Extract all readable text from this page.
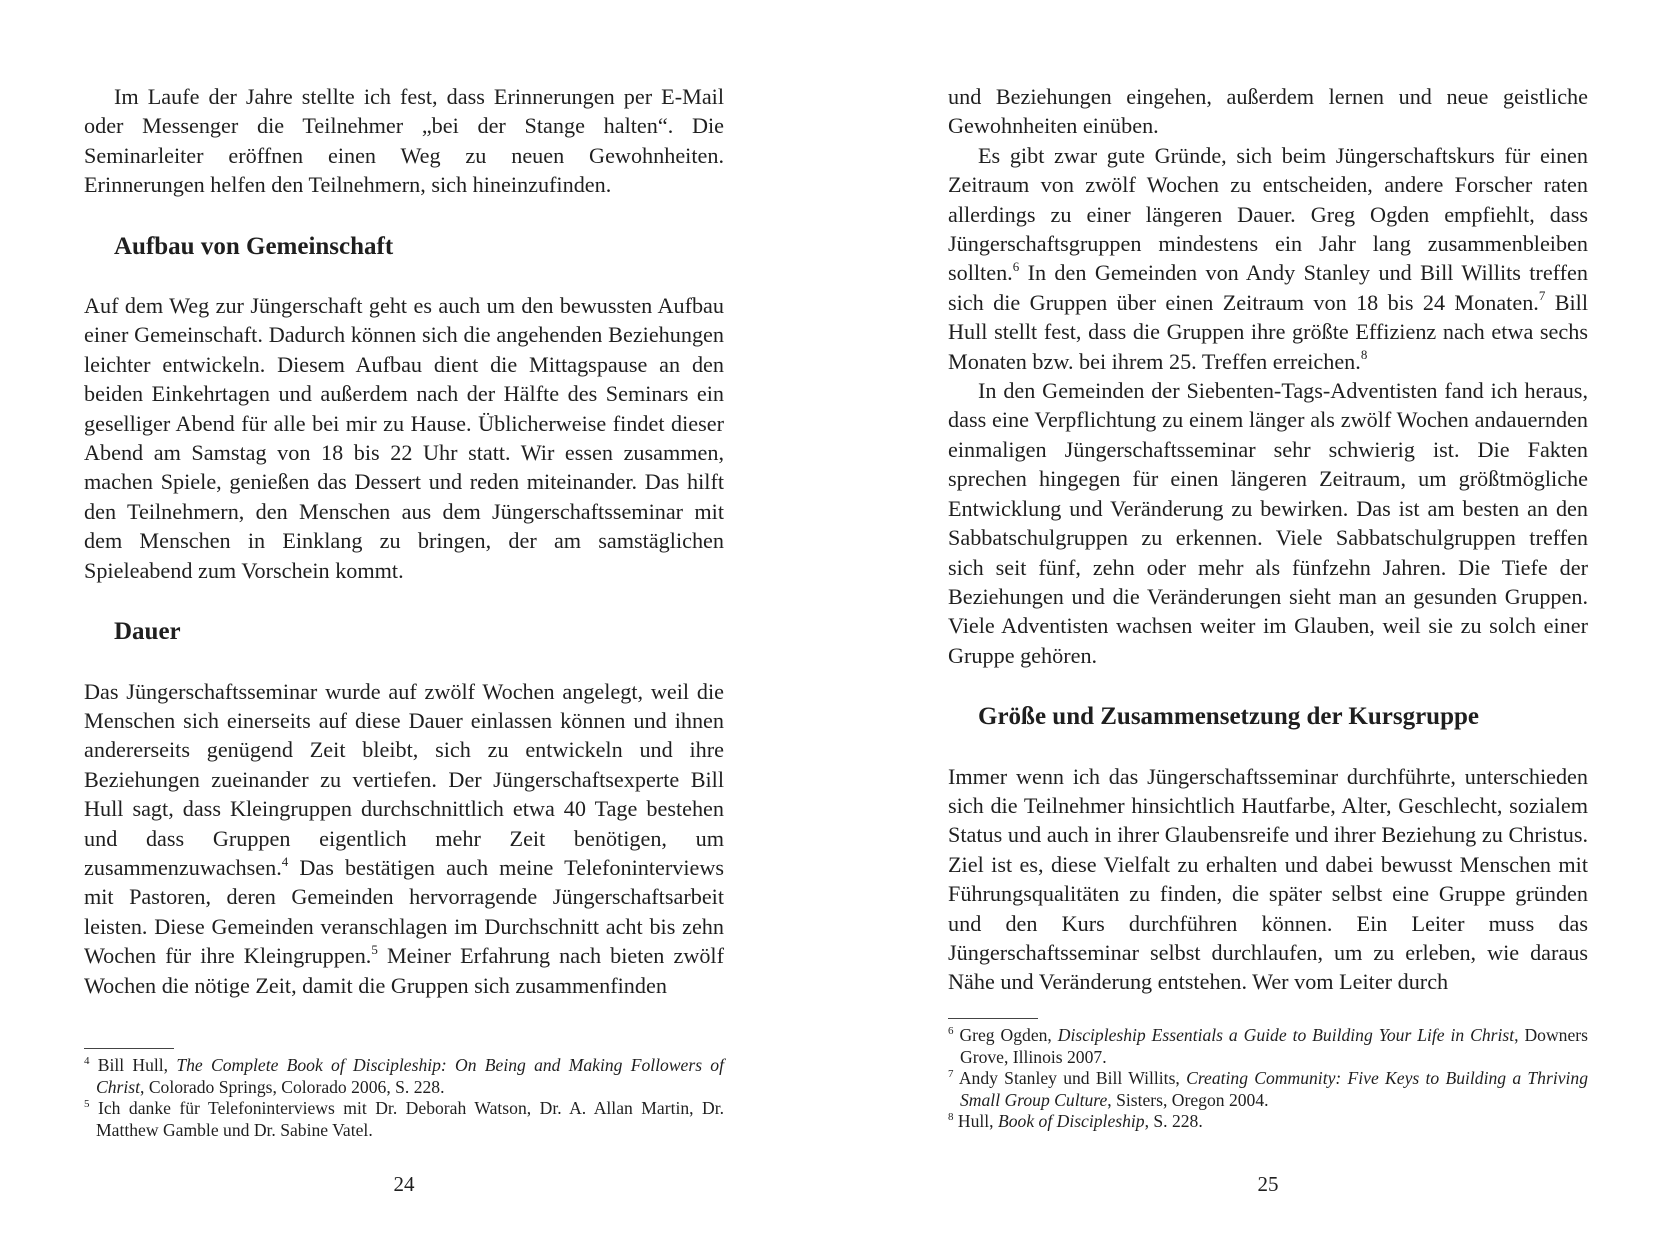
Im Laufe der Jahre stellte ich fest, dass Erinnerungen per E-Mail oder Messenger die Teilnehmer „bei der Stange halten“. Die Seminarleiter eröffnen einen Weg zu neuen Gewohnheiten. Erinnerungen helfen den Teilnehmern, sich hineinzufinden.

Aufbau von Gemeinschaft

Auf dem Weg zur Jüngerschaft geht es auch um den bewussten Aufbau einer Gemeinschaft. Dadurch können sich die angehenden Beziehungen leichter entwickeln. Diesem Aufbau dient die Mittagspause an den beiden Einkehrtagen und außerdem nach der Hälfte des Seminars ein geselliger Abend für alle bei mir zu Hause. Üblicherweise findet dieser Abend am Samstag von 18 bis 22 Uhr statt. Wir essen zusammen, machen Spiele, genießen das Dessert und reden miteinander. Das hilft den Teilnehmern, den Menschen aus dem Jüngerschaftsseminar mit dem Menschen in Einklang zu bringen, der am samstäglichen Spieleabend zum Vorschein kommt.

Dauer

Das Jüngerschaftsseminar wurde auf zwölf Wochen angelegt, weil die Menschen sich einerseits auf diese Dauer einlassen können und ihnen andererseits genügend Zeit bleibt, sich zu entwickeln und ihre Beziehungen zueinander zu vertiefen. Der Jüngerschaftsexperte Bill Hull sagt, dass Kleingruppen durchschnittlich etwa 40 Tage bestehen und dass Gruppen eigentlich mehr Zeit benötigen, um zusammenzuwachsen.$^4$ Das bestätigen auch meine Telefoninterviews mit Pastoren, deren Gemeinden hervorragende Jüngerschaftsarbeit leisten. Diese Gemeinden veranschlagen im Durchschnitt acht bis zehn Wochen für ihre Kleingruppen.$^5$ Meiner Erfahrung nach bieten zwölf Wochen die nötige Zeit, damit die Gruppen sich zusammenfinden

$^4$ Bill Hull, The Complete Book of Discipleship: On Being and Making Followers of Christ, Colorado Springs, Colorado 2006, S. 228.
$^5$ Ich danke für Telefoninterviews mit Dr. Deborah Watson, Dr. A. Allan Martin, Dr. Matthew Gamble und Dr. Sabine Vatel.
24

und Beziehungen eingehen, außerdem lernen und neue geistliche Gewohnheiten einüben.

Es gibt zwar gute Gründe, sich beim Jüngerschaftskurs für einen Zeitraum von zwölf Wochen zu entscheiden, andere Forscher raten allerdings zu einer längeren Dauer. Greg Ogden empfiehlt, dass Jüngerschaftsgruppen mindestens ein Jahr lang zusammenbleiben sollten.$^6$ In den Gemeinden von Andy Stanley und Bill Willits treffen sich die Gruppen über einen Zeitraum von 18 bis 24 Monaten.$^7$ Bill Hull stellt fest, dass die Gruppen ihre größte Effizienz nach etwa sechs Monaten bzw. bei ihrem 25. Treffen erreichen.$^8$

In den Gemeinden der Siebenten-Tags-Adventisten fand ich heraus, dass eine Verpflichtung zu einem länger als zwölf Wochen andauernden einmaligen Jüngerschaftsseminar sehr schwierig ist. Die Fakten sprechen hingegen für einen längeren Zeitraum, um größtmögliche Entwicklung und Veränderung zu bewirken. Das ist am besten an den Sabbatschulgruppen zu erkennen. Viele Sabbatschulgruppen treffen sich seit fünf, zehn oder mehr als fünfzehn Jahren. Die Tiefe der Beziehungen und die Veränderungen sieht man an gesunden Gruppen. Viele Adventisten wachsen weiter im Glauben, weil sie zu solch einer Gruppe gehören.

Größe und Zusammensetzung der Kursgruppe

Immer wenn ich das Jüngerschaftsseminar durchführte, unterschieden sich die Teilnehmer hinsichtlich Hautfarbe, Alter, Geschlecht, sozialem Status und auch in ihrer Glaubensreife und ihrer Beziehung zu Christus. Ziel ist es, diese Vielfalt zu erhalten und dabei bewusst Menschen mit Führungsqualitäten zu finden, die später selbst eine Gruppe gründen und den Kurs durchführen können. Ein Leiter muss das Jüngerschaftsseminar selbst durchlaufen, um zu erleben, wie daraus Nähe und Veränderung entstehen. Wer vom Leiter durch

$^6$ Greg Ogden, Discipleship Essentials a Guide to Building Your Life in Christ, Downers Grove, Illinois 2007.
$^7$ Andy Stanley und Bill Willits, Creating Community: Five Keys to Building a Thriving Small Group Culture, Sisters, Oregon 2004.
$^8$ Hull, Book of Discipleship, S. 228.
25
